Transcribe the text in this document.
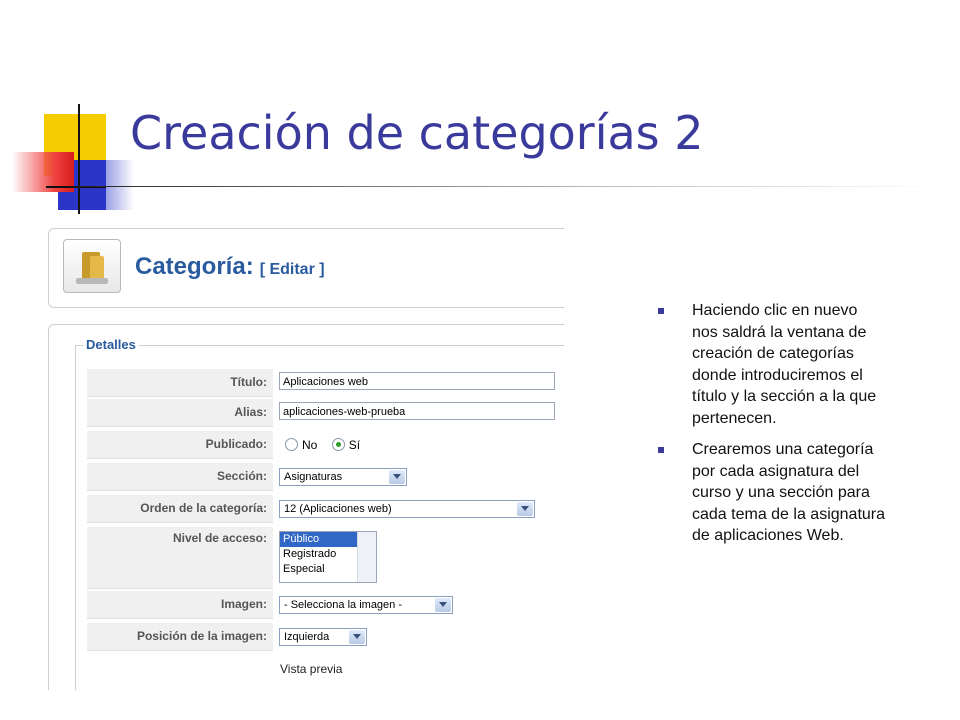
Creación de categorías 2
Categoría: [ Editar ]
Detalles
Título:	Aplicaciones web
Alias:	aplicaciones-web-prueba
Publicado:	No	Sí
Sección:	Asignaturas
Orden de la categoría:	12 (Aplicaciones web)
Nivel de acceso:	Público
Registrado
Especial
Imagen:	- Selecciona la imagen -
Posición de la imagen:	Izquierda
Vista previa
Haciendo clic en nuevo nos saldrá la ventana de creación de categorías donde introduciremos el título y la sección a la que pertenecen.
Crearemos una categoría por cada asignatura del curso y una sección para cada tema de la asignatura de aplicaciones Web.
